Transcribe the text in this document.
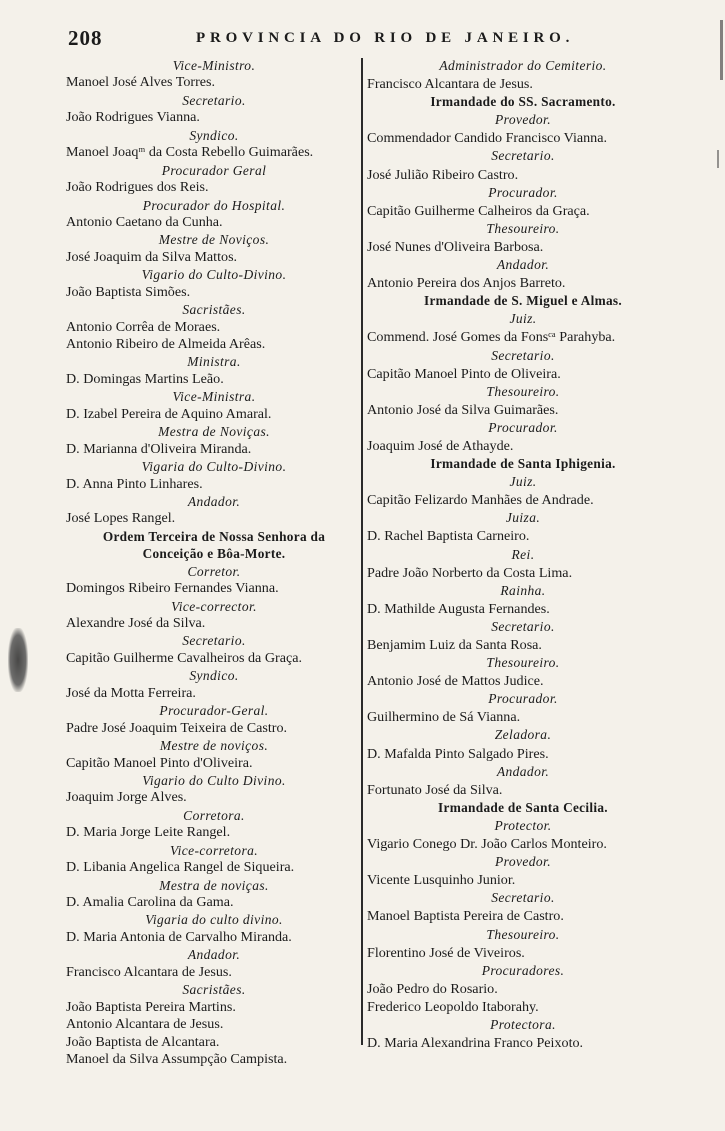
208	PROVINCIA DO RIO DE JANEIRO.
Vice-Ministro.
Manoel José Alves Torres.
Secretario.
João Rodrigues Vianna.
Syndico.
Manoel Joaqᵐ da Costa Rebello Guimarães.
Procurador Geral
João Rodrigues dos Reis.
Procurador do Hospital.
Antonio Caetano da Cunha.
Mestre de Noviços.
José Joaquim da Silva Mattos.
Vigario do Culto-Divino.
João Baptista Simões.
Sacristães.
Antonio Corrêa de Moraes.
Antonio Ribeiro de Almeida Arêas.
Ministra.
D. Domingas Martins Leão.
Vice-Ministra.
D. Izabel Pereira de Aquino Amaral.
Mestra de Noviças.
D. Marianna d'Oliveira Miranda.
Vigaria do Culto-Divino.
D. Anna Pinto Linhares.
Andador.
José Lopes Rangel.
Ordem Terceira de Nossa Senhora da
Conceição e Bôa-Morte.
Corretor.
Domingos Ribeiro Fernandes Vianna.
Vice-corrector.
Alexandre José da Silva.
Secretario.
Capitão Guilherme Cavalheiros da Graça.
Syndico.
José da Motta Ferreira.
Procurador-Geral.
Padre José Joaquim Teixeira de Castro.
Mestre de noviços.
Capitão Manoel Pinto d'Oliveira.
Vigario do Culto Divino.
Joaquim Jorge Alves.
Corretora.
D. Maria Jorge Leite Rangel.
Vice-corretora.
D. Libania Angelica Rangel de Siqueira.
Mestra de noviças.
D. Amalia Carolina da Gama.
Vigaria do culto divino.
D. Maria Antonia de Carvalho Miranda.
Andador.
Francisco Alcantara de Jesus.
Sacristães.
João Baptista Pereira Martins.
Antonio Alcantara de Jesus.
João Baptista de Alcantara.
Manoel da Silva Assumpção Campista.
Administrador do Cemiterio.
Francisco Alcantara de Jesus.
Irmandade do SS. Sacramento.
Provedor.
Commendador Candido Francisco Vianna.
Secretario.
José Julião Ribeiro Castro.
Procurador.
Capitão Guilherme Calheiros da Graça.
Thesoureiro.
José Nunes d'Oliveira Barbosa.
Andador.
Antonio Pereira dos Anjos Barreto.
Irmandade de S. Miguel e Almas.
Juiz.
Commend. José Gomes da Fonsᶜᵃ Parahyba.
Secretario.
Capitão Manoel Pinto de Oliveira.
Thesoureiro.
Antonio José da Silva Guimarães.
Procurador.
Joaquim José de Athayde.
Irmandade de Santa Iphigenia.
Juiz.
Capitão Felizardo Manhães de Andrade.
Juiza.
D. Rachel Baptista Carneiro.
Rei.
Padre João Norberto da Costa Lima.
Rainha.
D. Mathilde Augusta Fernandes.
Secretario.
Benjamim Luiz da Santa Rosa.
Thesoureiro.
Antonio José de Mattos Judice.
Procurador.
Guilhermino de Sá Vianna.
Zeladora.
D. Mafalda Pinto Salgado Pires.
Andador.
Fortunato José da Silva.
Irmandade de Santa Cecilia.
Protector.
Vigario Conego Dr. João Carlos Monteiro.
Provedor.
Vicente Lusquinho Junior.
Secretario.
Manoel Baptista Pereira de Castro.
Thesoureiro.
Florentino José de Viveiros.
Procuradores.
João Pedro do Rosario.
Frederico Leopoldo Itaborahy.
Protectora.
D. Maria Alexandrina Franco Peixoto.
